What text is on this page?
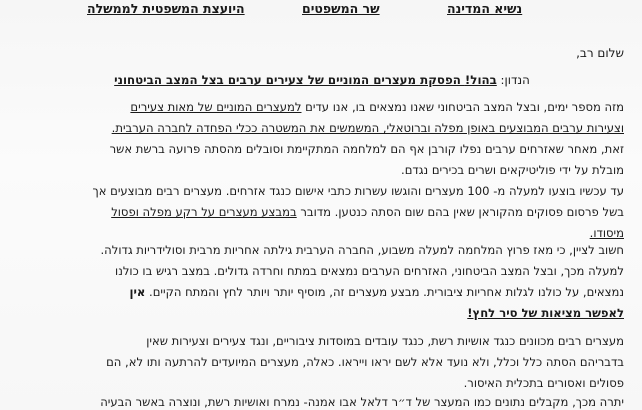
נשיא המדינה
שר המשפטים
היועצת המשפטית לממשלה
שלום רב,
הנדון: בהול! הפסקת מעצרים המוניים של צעירים ערבים בצל המצב הביטחוני
מזה מספר ימים, ובצל המצב הביטחוני שאנו נמצאים בו, אנו עדים למעצרים המוניים של מאות צעירים
וצעירות ערבים המבוצעים באופן מפלה וברוטאלי, המשמשים את המשטרה ככלי הפחדה לחברה הערבית.
זאת, מאחר שאזרחים ערבים נפלו קורבן אף הם למלחמה המתקיימת וסובלים מהסתה פרועה ברשת אשר
מובלת על ידי פוליטיקאים ושרים בכירים נגדם.
עד עכשיו בוצעו למעלה מ- 100 מעצרים והוגשו עשרות כתבי אישום כנגד אזרחים. מעצרים רבים מבוצעים אך
בשל פרסום פסוקים מהקוראן שאין בהם שום הסתה כנטען. מדובר במבצע מעצרים על רקע מפלה ופסול
מיסודו.
חשוב לציין, כי מאז פרוץ המלחמה למעלה משבוע, החברה הערבית גילתה אחריות מרבית וסולידריות גדולה.
למעלה מכך, ובצל המצב הביטחוני, האזרחים הערבים נמצאים במתח וחרדה גדולים. במצב רגיש בו כולנו
נמצאים, על כולנו לגלות אחריות ציבורית. מבצע מעצרים זה, מוסיף יותר ויותר לחץ והמתח הקיים. אין
לאפשר מציאות של סיר לחץ!
מעצרים רבים מכוונים כנגד אושיות רשת, כנגד עובדים במוסדות ציבוריים, ונגד צעירים וצעירות שאין
בדבריהם הסתה כלל וכלל, ולא נועד אלא לשם יראו וייראו. כאלה, מעצרים המיועדים להרתעה ותו לא, הם
פסולים ואסורים בתכלית האיסור.
יתרה מכך, מקבלים נתונים כמו המעצר של ד״ר דלאל אבו אמנה- נמרח ואושיות רשת, ונוצרה באשר הבעיה
